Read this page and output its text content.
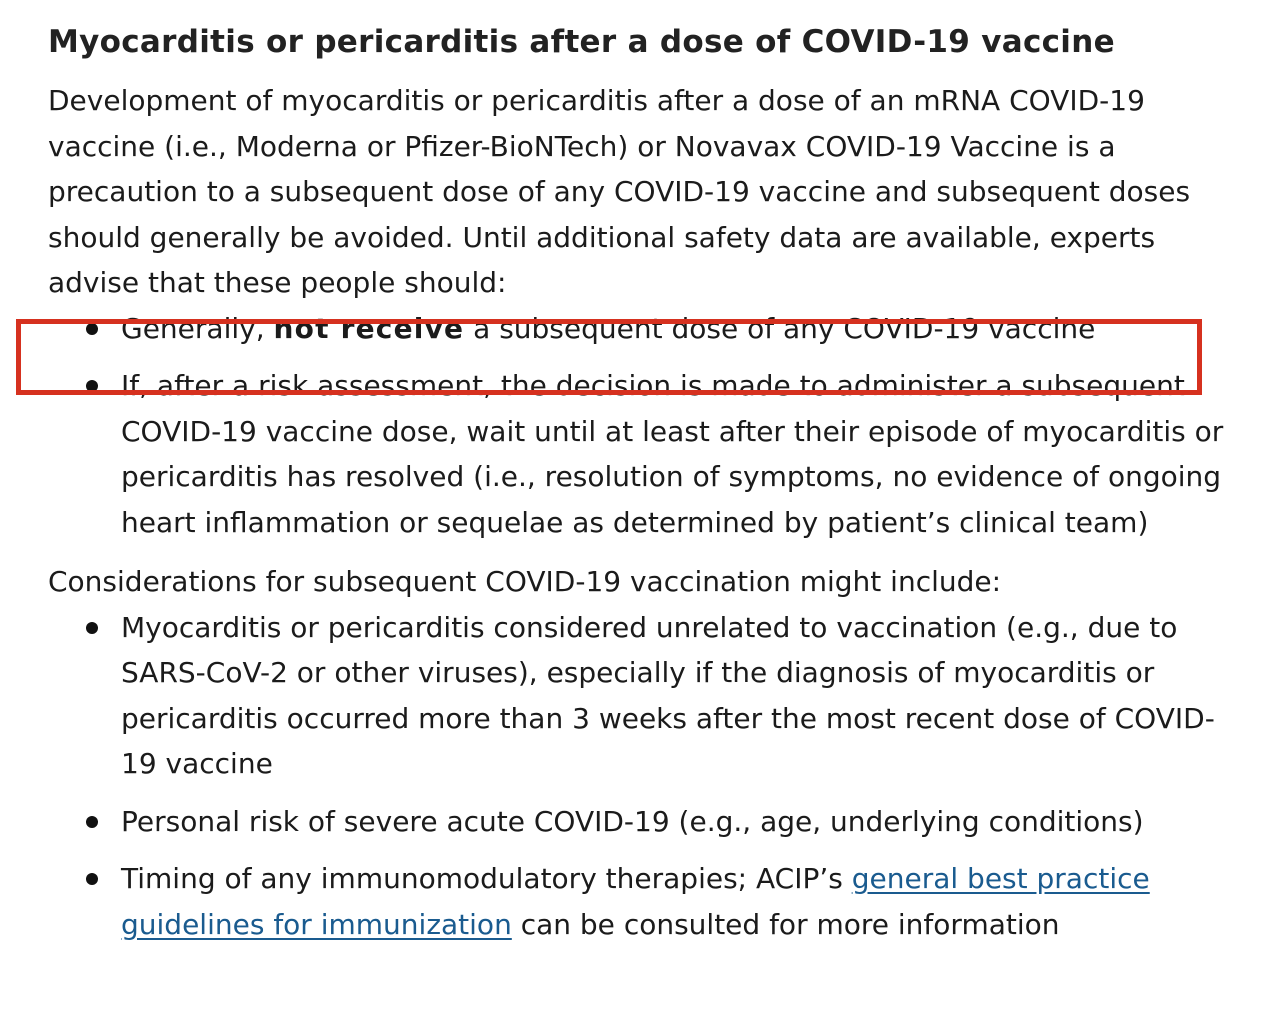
Myocarditis or pericarditis after a dose of COVID-19 vaccine

Development of myocarditis or pericarditis after a dose of an mRNA COVID-19 vaccine (i.e., Moderna or Pfizer-BioNTech) or Novavax COVID-19 Vaccine is a precaution to a subsequent dose of any COVID-19 vaccine and subsequent doses should generally be avoided. Until additional safety data are available, experts advise that these people should:

Generally, not receive a subsequent dose of any COVID-19 vaccine
If, after a risk assessment, the decision is made to administer a subsequent COVID-19 vaccine dose, wait until at least after their episode of myocarditis or pericarditis has resolved (i.e., resolution of symptoms, no evidence of ongoing heart inflammation or sequelae as determined by patient’s clinical team)

Considerations for subsequent COVID-19 vaccination might include:

Myocarditis or pericarditis considered unrelated to vaccination (e.g., due to SARS-CoV-2 or other viruses), especially if the diagnosis of myocarditis or pericarditis occurred more than 3 weeks after the most recent dose of COVID-19 vaccine
Personal risk of severe acute COVID-19 (e.g., age, underlying conditions)
Timing of any immunomodulatory therapies; ACIP’s general best practice guidelines for immunization can be consulted for more information
